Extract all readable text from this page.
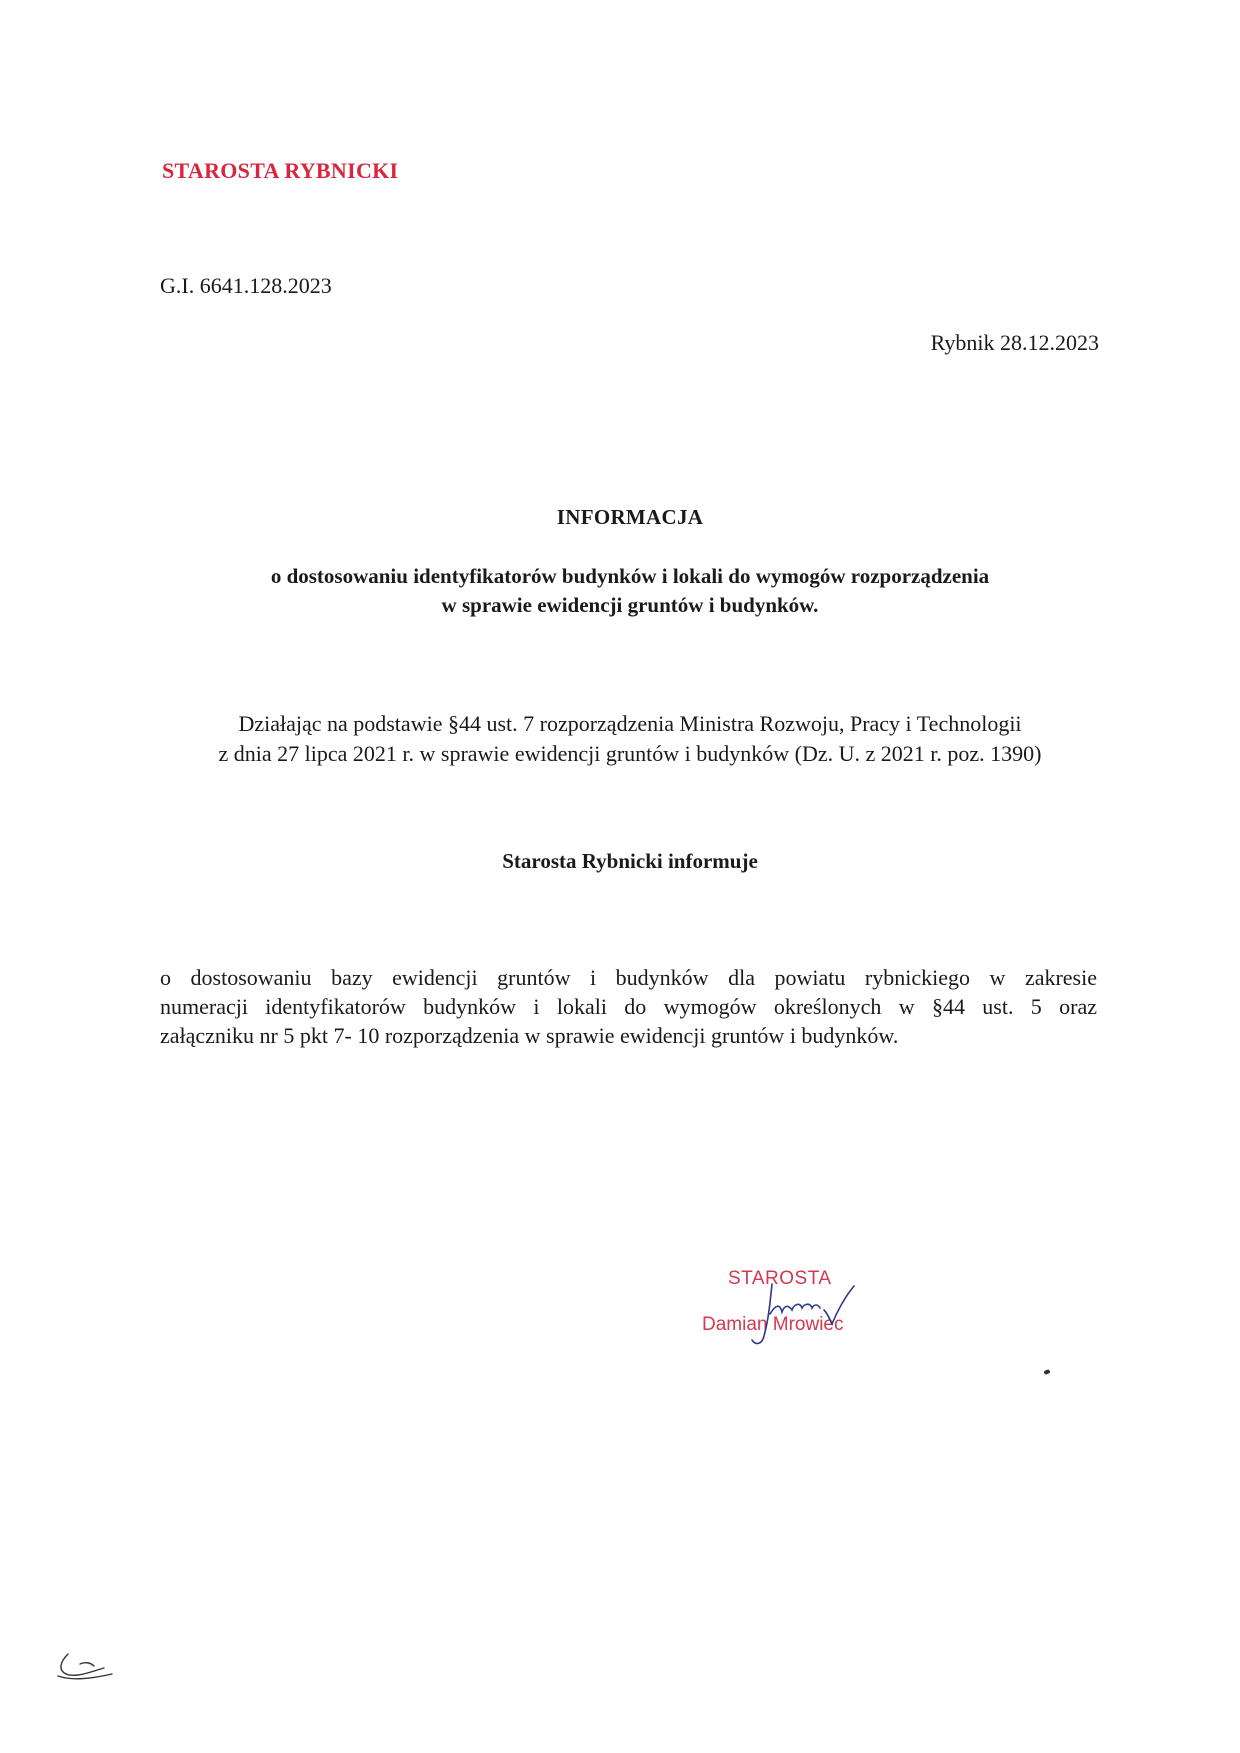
STAROSTA RYBNICKI
G.I. 6641.128.2023
Rybnik 28.12.2023
INFORMACJA
o dostosowaniu identyfikatorów budynków i lokali do wymogów rozporządzenia
w sprawie ewidencji gruntów i budynków.
Działając na podstawie §44 ust. 7 rozporządzenia Ministra Rozwoju, Pracy i Technologii
z dnia 27 lipca 2021 r. w sprawie ewidencji gruntów i budynków (Dz. U. z 2021 r. poz. 1390)
Starosta Rybnicki informuje
o dostosowaniu bazy ewidencji gruntów i budynków dla powiatu rybnickiego w zakresie
numeracji identyfikatorów budynków i lokali do wymogów określonych w §44 ust. 5 oraz
załączniku nr 5 pkt 7- 10 rozporządzenia w sprawie ewidencji gruntów i budynków.
STAROSTA
Damian Mrowiec
